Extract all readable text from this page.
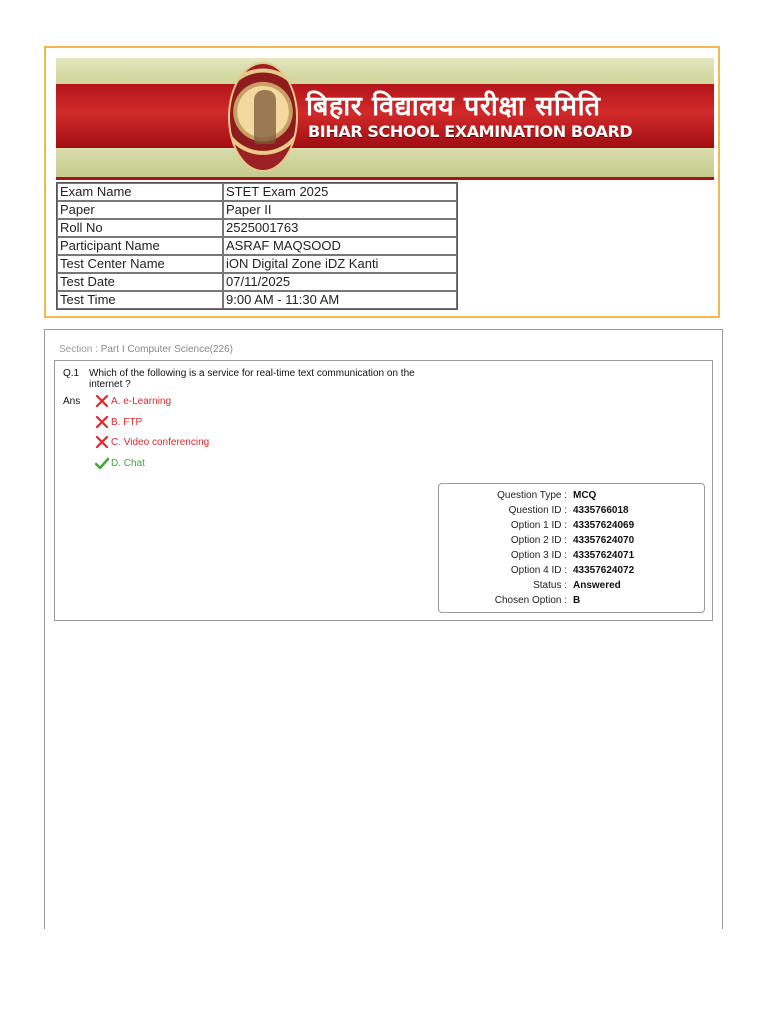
बिहार विद्यालय परीक्षा समिति
BIHAR SCHOOL EXAMINATION BOARD
Exam Name	STET Exam 2025
Paper	Paper II
Roll No	2525001763
Participant Name	ASRAF MAQSOOD
Test Center Name	iON Digital Zone iDZ Kanti
Test Date	07/11/2025
Test Time	9:00 AM - 11:30 AM
Section : Part I Computer Science(226)
Q.1 Which of the following is a service for real-time text communication on the internet ?
Ans	A. e-Learning
B. FTP
C. Video conferencing
D. Chat
Question Type : MCQ
Question ID : 4335766018
Option 1 ID : 43357624069
Option 2 ID : 43357624070
Option 3 ID : 43357624071
Option 4 ID : 43357624072
Status : Answered
Chosen Option : B
